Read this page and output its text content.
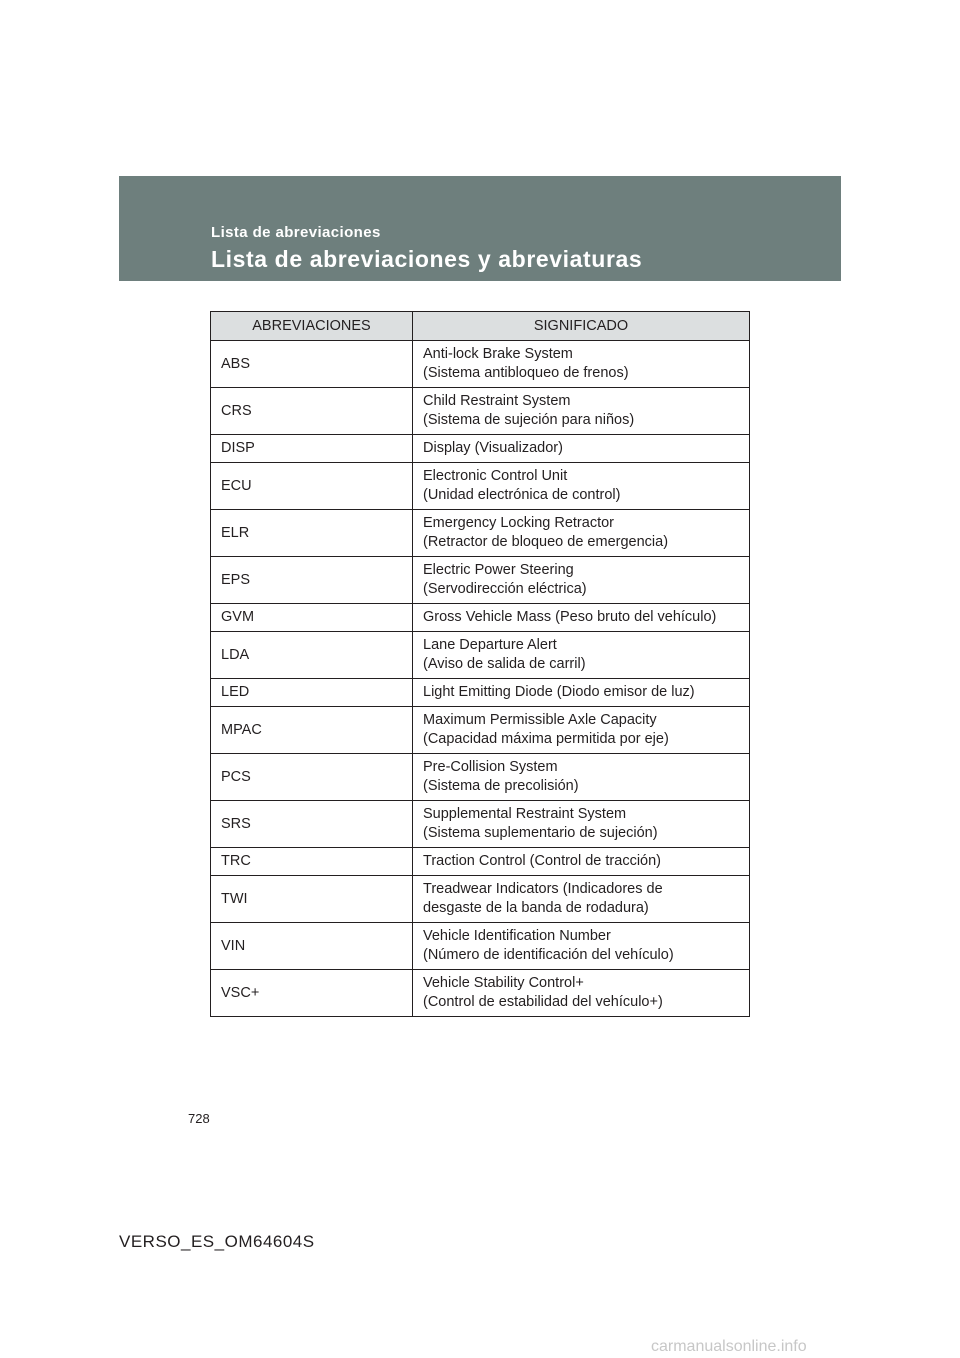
Lista de abreviaciones
Lista de abreviaciones y abreviaturas
ABREVIACIONES	SIGNIFICADO
ABS	Anti-lock Brake System
(Sistema antibloqueo de frenos)

CRS	Child Restraint System
(Sistema de sujeción para niños)

DISP	Display (Visualizador)

ECU	Electronic Control Unit
(Unidad electrónica de control)

ELR	Emergency Locking Retractor
(Retractor de bloqueo de emergencia)

EPS	Electric Power Steering
(Servodirección eléctrica)

GVM	Gross Vehicle Mass (Peso bruto del vehículo)

LDA	Lane Departure Alert
(Aviso de salida de carril)

LED	Light Emitting Diode (Diodo emisor de luz)

MPAC	Maximum Permissible Axle Capacity
(Capacidad máxima permitida por eje)

PCS	Pre-Collision System
(Sistema de precolisión)

SRS	Supplemental Restraint System
(Sistema suplementario de sujeción)

TRC	Traction Control (Control de tracción)

TWI	Treadwear Indicators (Indicadores de
desgaste de la banda de rodadura)

VIN	Vehicle Identification Number
(Número de identificación del vehículo)

VSC+	Vehicle Stability Control+
(Control de estabilidad del vehículo+)
728
VERSO_ES_OM64604S
carmanualsonline.info
